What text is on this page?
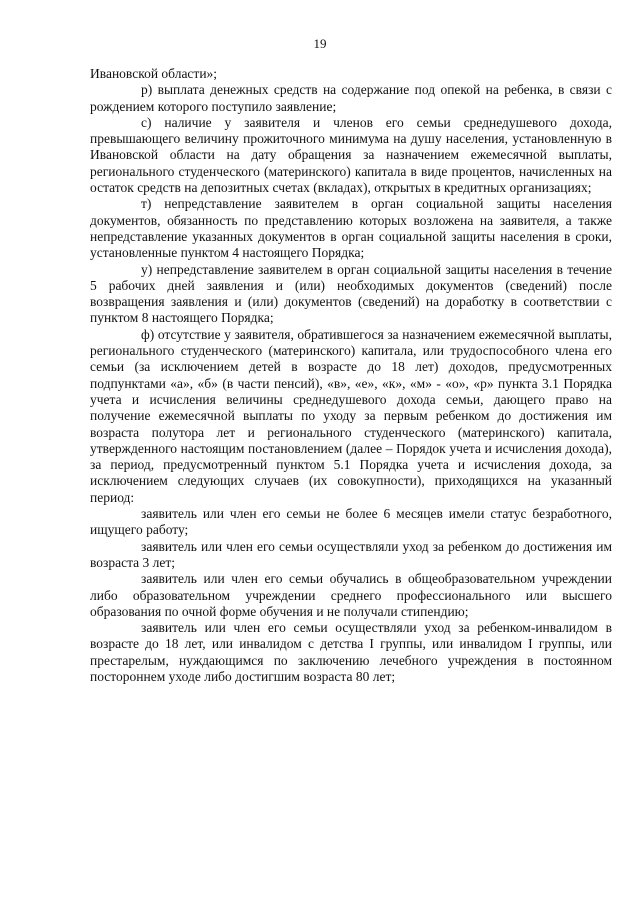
19

Ивановской области»;

р) выплата денежных средств на содержание под опекой на ребенка, в связи с рождением которого поступило заявление;

с) наличие у заявителя и членов его семьи среднедушевого дохода, превышающего величину прожиточного минимума на душу населения, установленную в Ивановской области на дату обращения за назначением ежемесячной выплаты, регионального студенческого (материнского) капитала в виде процентов, начисленных на остаток средств на депозитных счетах (вкладах), открытых в кредитных организациях;

т) непредставление заявителем в орган социальной защиты населения документов, обязанность по представлению которых возложена на заявителя, а также непредставление указанных документов в орган социальной защиты населения в сроки, установленные пунктом 4 настоящего Порядка;

у) непредставление заявителем в орган социальной защиты населения в течение 5 рабочих дней заявления и (или) необходимых документов (сведений) после возвращения заявления и (или) документов (сведений) на доработку в соответствии с пунктом 8 настоящего Порядка;

ф) отсутствие у заявителя, обратившегося за назначением ежемесячной выплаты, регионального студенческого (материнского) капитала, или трудоспособного члена его семьи (за исключением детей в возрасте до 18 лет) доходов, предусмотренных подпунктами «а», «б» (в части пенсий), «в», «е», «к», «м» - «о», «р» пункта 3.1 Порядка учета и исчисления величины среднедушевого дохода семьи, дающего право на получение ежемесячной выплаты по уходу за первым ребенком до достижения им возраста полутора лет и регионального студенческого (материнского) капитала, утвержденного настоящим постановлением (далее – Порядок учета и исчисления дохода), за период, предусмотренный пунктом 5.1 Порядка учета и исчисления дохода, за исключением следующих случаев (их совокупности), приходящихся на указанный период:

заявитель или член его семьи не более 6 месяцев имели статус безработного, ищущего работу;

заявитель или член его семьи осуществляли уход за ребенком до достижения им возраста 3 лет;

заявитель или член его семьи обучались в общеобразовательном учреждении либо образовательном учреждении среднего профессионального или высшего образования по очной форме обучения и не получали стипендию;

заявитель или член его семьи осуществляли уход за ребенком-инвалидом в возрасте до 18 лет, или инвалидом с детства I группы, или инвалидом I группы, или престарелым, нуждающимся по заключению лечебного учреждения в постоянном постороннем уходе либо достигшим возраста 80 лет;
